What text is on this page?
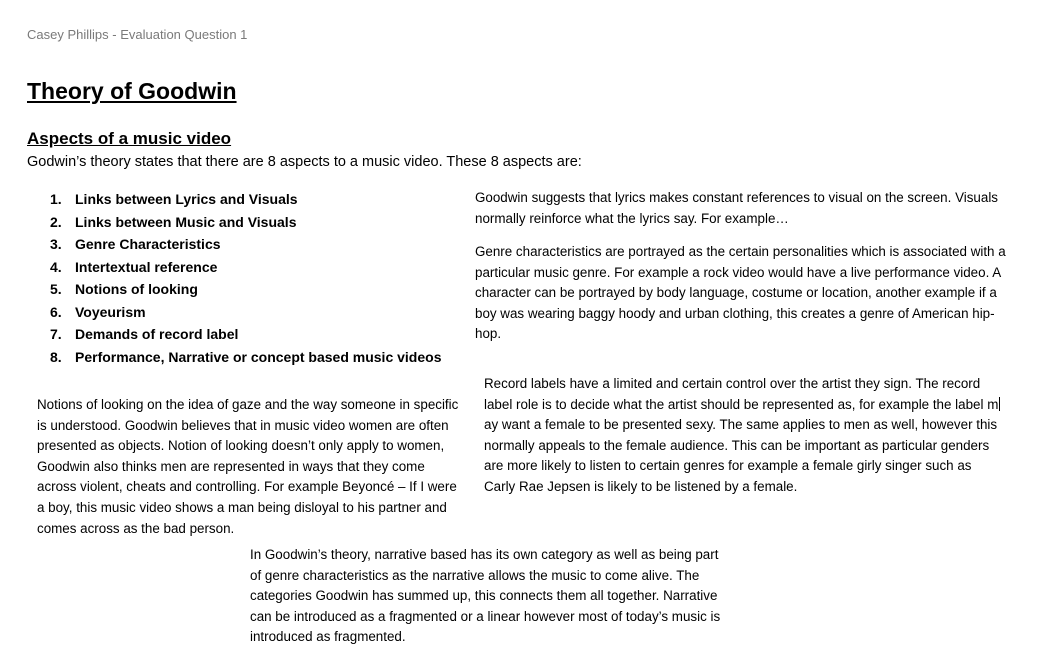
Casey Phillips - Evaluation Question 1
Theory of Goodwin
Aspects of a music video

Godwin’s theory states that there are 8 aspects to a music video. These 8 aspects are:

1. Links between Lyrics and Visuals
2. Links between Music and Visuals
3. Genre Characteristics
4. Intertextual reference
5. Notions of looking
6. Voyeurism
7. Demands of record label
8. Performance, Narrative or concept based music videos

Goodwin suggests that lyrics makes constant references to visual on the screen. Visuals normally reinforce what the lyrics say. For example…

Genre characteristics are portrayed as the certain personalities which is associated with a particular music genre. For example a rock video would have a live performance video. A character can be portrayed by body language, costume or location, another example if a boy was wearing baggy hoody and urban clothing, this creates a genre of American hip-hop.

Record labels have a limited and certain control over the artist they sign. The record label role is to decide what the artist should be represented as, for example the label may want a female to be presented sexy. The same applies to men as well, however this normally appeals to the female audience. This can be important as particular genders are more likely to listen to certain genres for example a female girly singer such as Carly Rae Jepsen is likely to be listened by a female.

Notions of looking on the idea of gaze and the way someone in specific is understood. Goodwin believes that in music video women are often presented as objects. Notion of looking doesn’t only apply to women, Goodwin also thinks men are represented in ways that they come across violent, cheats and controlling. For example Beyoncé – If I were a boy, this music video shows a man being disloyal to his partner and comes across as the bad person.

In Goodwin’s theory, narrative based has its own category as well as being part of genre characteristics as the narrative allows the music to come alive. The categories Goodwin has summed up, this connects them all together. Narrative can be introduced as a fragmented or a linear however most of today’s music is introduced as fragmented.
